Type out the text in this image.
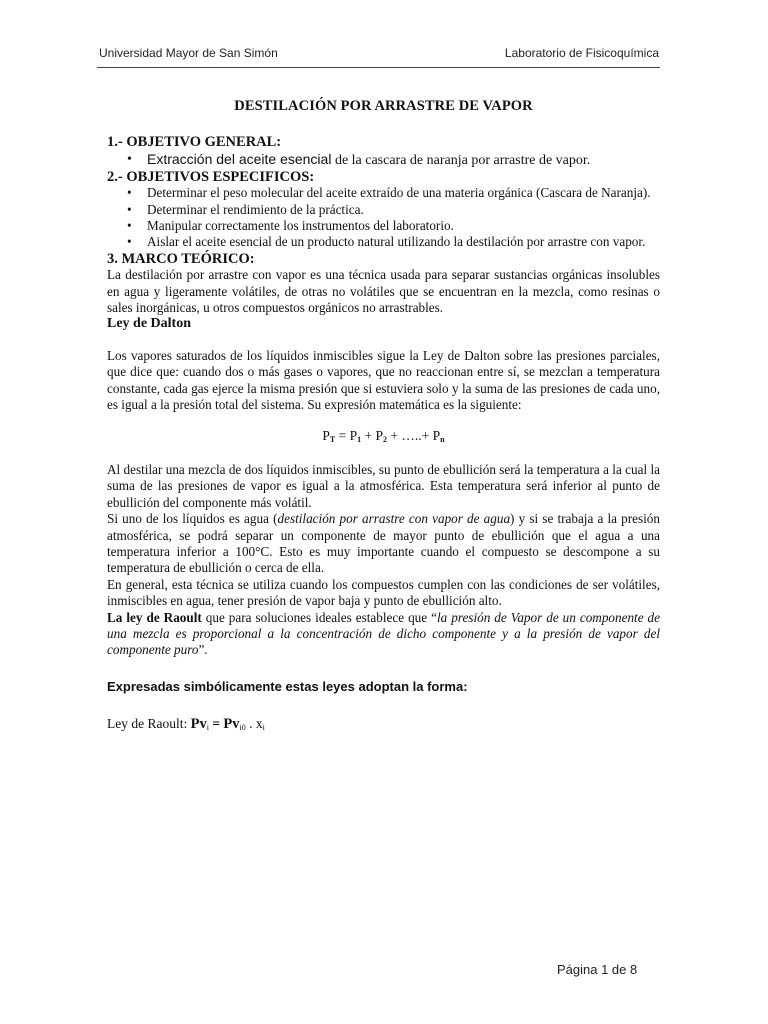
Universidad Mayor de San Simón	Laboratorio de Fisicoquímica
DESTILACIÓN POR ARRASTRE DE VAPOR
1.- OBJETIVO GENERAL:
• Extracción del aceite esencial de la cascara de naranja por arrastre de vapor.
2.- OBJETIVOS ESPECIFICOS:
• Determinar el peso molecular del aceite extraído de una materia orgánica (Cascara de Naranja).
• Determinar el rendimiento de la práctica.
• Manipular correctamente los instrumentos del laboratorio.
• Aislar el aceite esencial de un producto natural utilizando la destilación por arrastre con vapor.
3. MARCO TEÓRICO:

La destilación por arrastre con vapor es una técnica usada para separar sustancias orgánicas insolubles en agua y ligeramente volátiles, de otras no volátiles que se encuentran en la mezcla, como resinas o sales inorgánicas, u otros compuestos orgánicos no arrastrables.

Ley de Dalton

Los vapores saturados de los líquidos inmiscibles sigue la Ley de Dalton sobre las presiones parciales, que dice que: cuando dos o más gases o vapores, que no reaccionan entre sí, se mezclan a temperatura constante, cada gas ejerce la misma presión que si estuviera solo y la suma de las presiones de cada uno, es igual a la presión total del sistema. Su expresión matemática es la siguiente:

$P_T = P_1 + P_2$ + …..+ $P_n$

Al destilar una mezcla de dos líquidos inmiscibles, su punto de ebullición será la temperatura a la cual la suma de las presiones de vapor es igual a la atmosférica. Esta temperatura será inferior al punto de ebullición del componente más volátil.

Si uno de los líquidos es agua (destilación por arrastre con vapor de agua) y si se trabaja a la presión atmosférica, se podrá separar un componente de mayor punto de ebullición que el agua a una temperatura inferior a 100°C. Esto es muy importante cuando el compuesto se descompone a su temperatura de ebullición o cerca de ella.

En general, esta técnica se utiliza cuando los compuestos cumplen con las condiciones de ser volátiles, inmiscibles en agua, tener presión de vapor baja y punto de ebullición alto.

La ley de Raoult que para soluciones ideales establece que “la presión de Vapor de un componente de una mezcla es proporcional a la concentración de dicho componente y a la presión de vapor del componente puro”.

Expresadas simbólicamente estas leyes adoptan la forma:
Ley de Raoult: $Pv_i = Pv_{i0}$ . $x_i$
Página 1 de 8
